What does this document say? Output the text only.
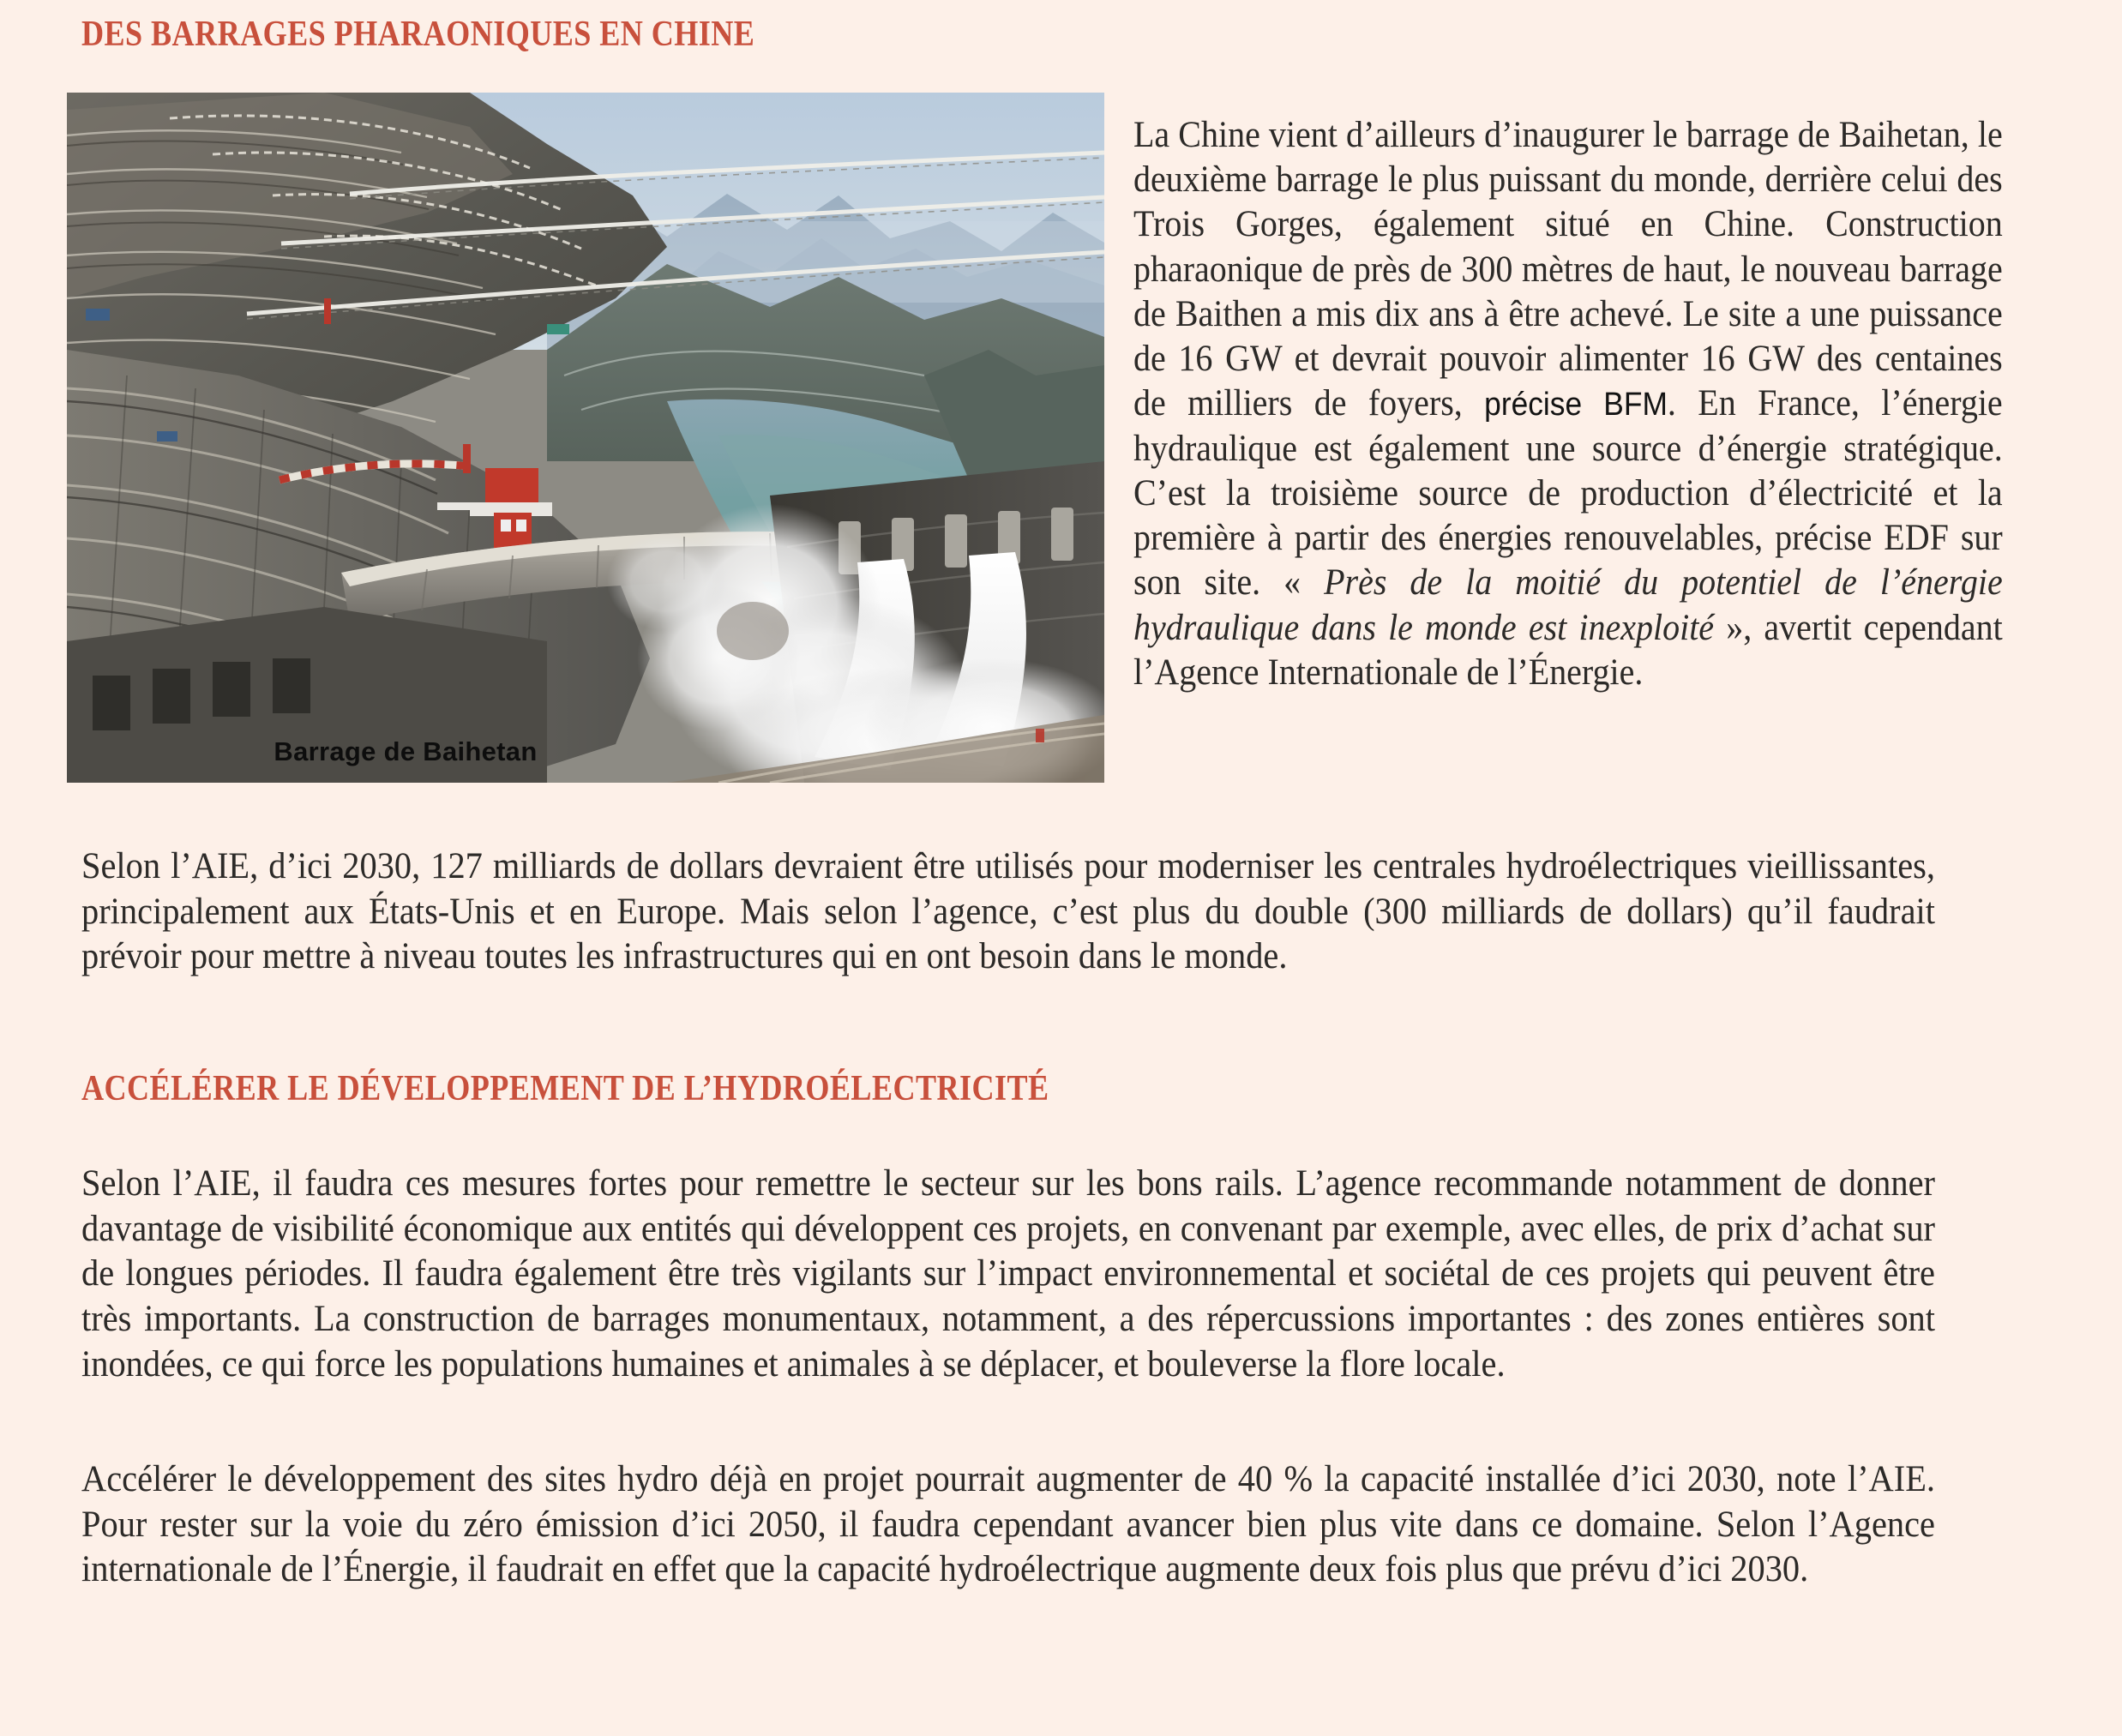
DES BARRAGES PHARAONIQUES EN CHINE
Barrage de Baihetan
La Chine vient d’ailleurs d’inaugurer le barrage de Baihetan, le deuxième barrage le plus puissant du monde, derrière celui des Trois Gorges, également situé en Chine. Construction pharaonique de près de 300 mètres de haut, le nouveau barrage de Baithen a mis dix ans à être achevé. Le site a une puissance de 16 GW et devrait pouvoir alimenter 16 GW des centaines de milliers de foyers, précise BFM. En France, l’énergie hydraulique est également une source d’énergie stratégique. C’est la troisième source de production d’électricité et la première à partir des énergies renouvelables, précise EDF sur son site. « Près de la moitié du potentiel de l’énergie hydraulique dans le monde est inexploité », avertit cependant l’Agence Internationale de l’Énergie.
Selon l’AIE, d’ici 2030, 127 milliards de dollars devraient être utilisés pour moderniser les centrales hydroélectriques vieillissantes, principalement aux États-Unis et en Europe. Mais selon l’agence, c’est plus du double (300 milliards de dollars) qu’il faudrait prévoir pour mettre à niveau toutes les infrastructures qui en ont besoin dans le monde.
ACCÉLÉRER LE DÉVELOPPEMENT DE L’HYDROÉLECTRICITÉ
Selon l’AIE, il faudra ces mesures fortes pour remettre le secteur sur les bons rails. L’agence recommande notamment de donner davantage de visibilité économique aux entités qui développent ces projets, en convenant par exemple, avec elles, de prix d’achat sur de longues périodes. Il faudra également être très vigilants sur l’impact environnemental et sociétal de ces projets qui peuvent être très importants. La construction de barrages monumentaux, notamment, a des répercussions importantes : des zones entières sont inondées, ce qui force les populations humaines et animales à se déplacer, et bouleverse la flore locale.
Accélérer le développement des sites hydro déjà en projet pourrait augmenter de 40 % la capacité installée d’ici 2030, note l’AIE. Pour rester sur la voie du zéro émission d’ici 2050, il faudra cependant avancer bien plus vite dans ce domaine. Selon l’Agence internationale de l’Énergie, il faudrait en effet que la capacité hydroélectrique augmente deux fois plus que prévu d’ici 2030.
